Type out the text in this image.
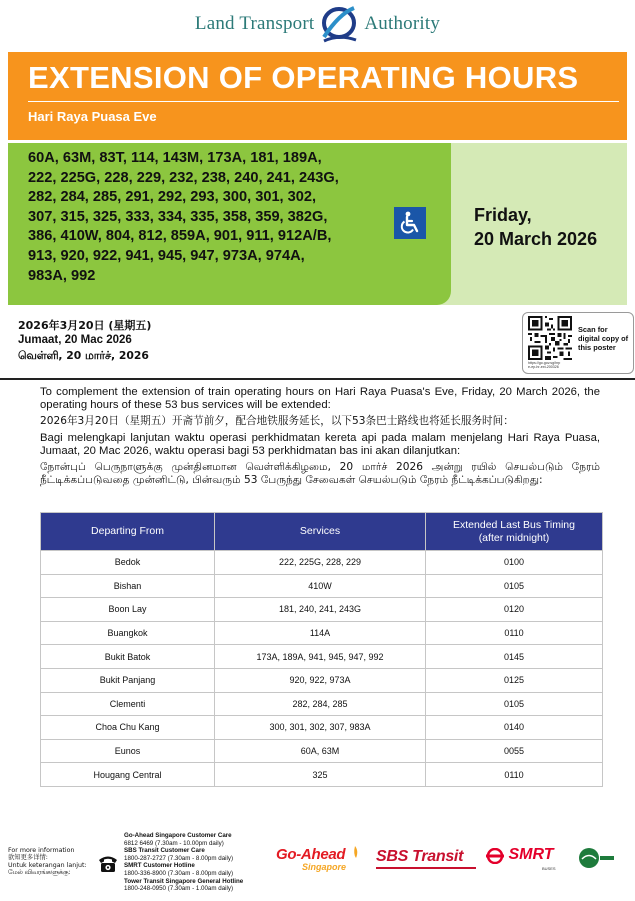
Land Transport	Authority
EXTENSION OF OPERATING HOURS
Hari Raya Puasa Eve
60A, 63M, 83T, 114, 143M, 173A, 181, 189A,
222, 225G, 228, 229, 232, 238, 240, 241, 243G,
282, 284, 285, 291, 292, 293, 300, 301, 302,
307, 315, 325, 333, 334, 335, 358, 359, 382G,
386, 410W, 804, 812, 859A, 901, 911, 912A/B,
913, 920, 922, 941, 945, 947, 973A, 974A,
983A, 992
Friday,
20 March 2026
2026年3月20日 (星期五)
Jumaat, 20 Mac 2026
வெள்ளி, 20 மார்ச், 2026
https://go.gov.sg/hrp
e-ep-hr-ext-200326
Scan for
digital copy of
this poster

To complement the extension of train operating hours on Hari Raya Puasa's Eve, Friday, 20 March 2026, the operating hours of these 53 bus services will be extended:

2026年3月20日（星期五）开斋节前夕，配合地铁服务延长，以下53条巴士路线也将延长服务时间：

Bagi melengkapi lanjutan waktu operasi perkhidmatan kereta api pada malam menjelang Hari Raya Puasa, Jumaat, 20 Mac 2026, waktu operasi bagi 53 perkhidmatan bas ini akan dilanjutkan:

நோன்புப் பெருநாளுக்கு முன்தினமான வெள்ளிக்கிழமை, 20 மார்ச் 2026 அன்று ரயில் செயல்படும் நேரம் நீட்டிக்கப்படுவதை முன்னிட்டு, பின்வரும் 53 பேருந்து சேவைகள் செயல்படும் நேரம் நீட்டிக்கப்படுகிறது:

Departing From	Services	Extended Last Bus Timing
(after midnight)

Bedok	222, 225G, 228, 229	0100
Bishan	410W	0105
Boon Lay	181, 240, 241, 243G	0120
Buangkok	114A	0110
Bukit Batok	173A, 189A, 941, 945, 947, 992	0145
Bukit Panjang	920, 922, 973A	0125
Clementi	282, 284, 285	0105
Choa Chu Kang	300, 301, 302, 307, 983A	0140
Eunos	60A, 63M	0055
Hougang Central	325	0110
For more information
欲知更多详情:
Untuk keterangan lanjut:
மேல் விவரங்களுக்கு:
Go-Ahead Singapore Customer Care
6812 6469 (7.30am - 10.00pm daily)
SBS Transit Customer Care
1800-287-2727 (7.30am - 8.00pm daily)
SMRT Customer Hotline
1800-336-8900 (7.30am - 8.00pm daily)
Tower Transit Singapore General Hotline
1800-248-0950 (7.30am - 1.00am daily)
Go-Ahead
Singapore
SBS Transit	SMRT
BUSES
